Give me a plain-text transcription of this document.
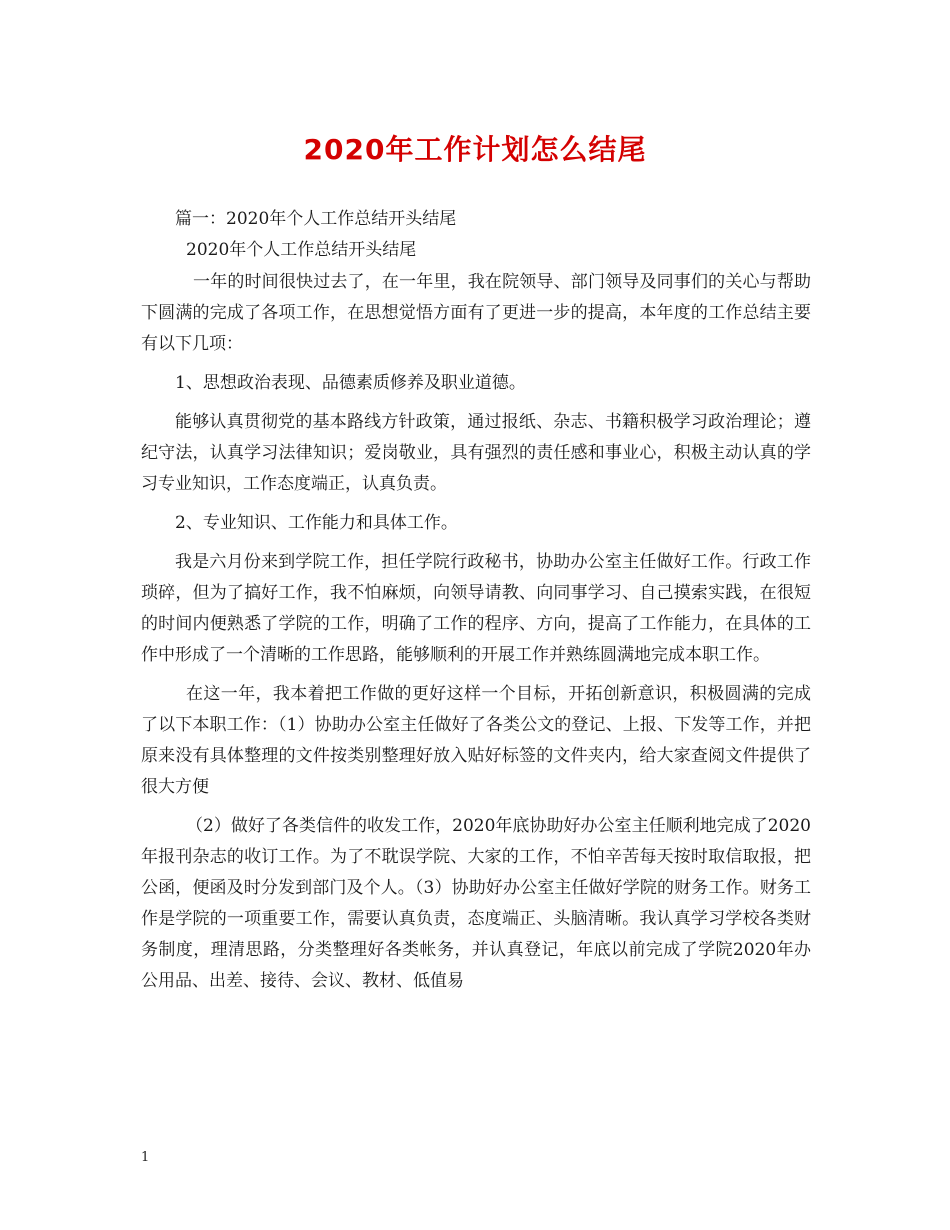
2020年工作计划怎么结尾

篇一：2020年个人工作总结开头结尾

2020年个人工作总结开头结尾

一年的时间很快过去了，在一年里，我在院领导、部门领导及同事们的关心与帮助下圆满的完成了各项工作，在思想觉悟方面有了更进一步的提高，本年度的工作总结主要有以下几项：

1、思想政治表现、品德素质修养及职业道德。

能够认真贯彻党的基本路线方针政策，通过报纸、杂志、书籍积极学习政治理论；遵纪守法，认真学习法律知识；爱岗敬业，具有强烈的责任感和事业心，积极主动认真的学习专业知识，工作态度端正，认真负责。

2、专业知识、工作能力和具体工作。

我是六月份来到学院工作，担任学院行政秘书，协助办公室主任做好工作。行政工作琐碎，但为了搞好工作，我不怕麻烦，向领导请教、向同事学习、自己摸索实践，在很短的时间内便熟悉了学院的工作，明确了工作的程序、方向，提高了工作能力，在具体的工作中形成了一个清晰的工作思路，能够顺利的开展工作并熟练圆满地完成本职工作。

在这一年，我本着把工作做的更好这样一个目标，开拓创新意识，积极圆满的完成了以下本职工作：（1）协助办公室主任做好了各类公文的登记、上报、下发等工作，并把原来没有具体整理的文件按类别整理好放入贴好标签的文件夹内，给大家查阅文件提供了很大方便

（2）做好了各类信件的收发工作，2020年底协助好办公室主任顺利地完成了2020年报刊杂志的收订工作。为了不耽误学院、大家的工作，不怕辛苦每天按时取信取报，把公函，便函及时分发到部门及个人。（3）协助好办公室主任做好学院的财务工作。财务工作是学院的一项重要工作，需要认真负责，态度端正、头脑清晰。我认真学习学校各类财务制度，理清思路，分类整理好各类帐务，并认真登记，年底以前完成了学院2020年办公用品、出差、接待、会议、教材、低值易

1
